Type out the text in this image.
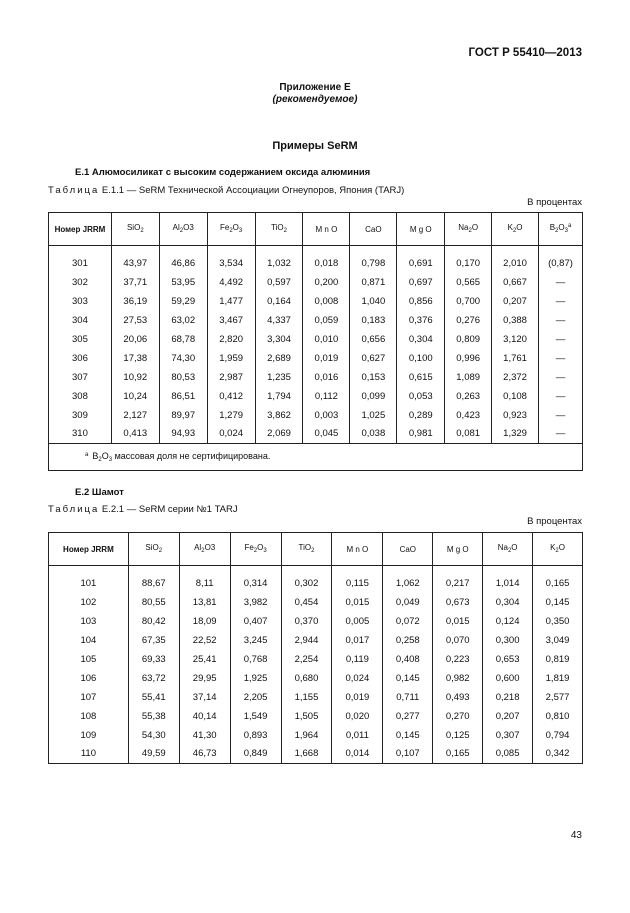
ГОСТ Р 55410—2013
Приложение Е
(рекомендуемое)
Примеры SeRM
Е.1 Алюмосиликат с высоким содержанием оксида алюминия
Таблица Е.1.1 — SeRM Технической Ассоциации Огнеупоров, Япония (TARJ)
В процентах
Номер JRRM	SiO$_2$	$Al_2O3$	$Fe_2O_3$	TiO$_2$	M n O	CaO	M g O	$Na_2O$	$K_2O$	$B_2O_3^a$
301	43,97	46,86	3,534	1,032	0,018	0,798	0,691	0,170	2,010	(0,87)
302	37,71	53,95	4,492	0,597	0,200	0,871	0,697	0,565	0,667	—
303	36,19	59,29	1,477	0,164	0,008	1,040	0,856	0,700	0,207	—
304	27,53	63,02	3,467	4,337	0,059	0,183	0,376	0,276	0,388	—
305	20,06	68,78	2,820	3,304	0,010	0,656	0,304	0,809	3,120	—
306	17,38	74,30	1,959	2,689	0,019	0,627	0,100	0,996	1,761	—
307	10,92	80,53	2,987	1,235	0,016	0,153	0,615	1,089	2,372	—
308	10,24	86,51	0,412	1,794	0,112	0,099	0,053	0,263	0,108	—
309	2,127	89,97	1,279	3,862	0,003	1,025	0,289	0,423	0,923	—
310	0,413	94,93	0,024	2,069	0,045	0,038	0,981	0,081	1,329	—
$^а$ $B_2O_3$ массовая доля не сертифицирована.										
Е.2 Шамот
Таблица Е.2.1 — SeRM серии №1 TARJ
В процентах
Номер JRRM	SiO$_2$	$Al_2O3$	$Fe_2O_3$	TiO$_2$	M n O	CaO	M g O	$Na_2O$	$K_2O$
101	88,67	8,11	0,314	0,302	0,115	1,062	0,217	1,014	0,165
102	80,55	13,81	3,982	0,454	0,015	0,049	0,673	0,304	0,145
103	80,42	18,09	0,407	0,370	0,005	0,072	0,015	0,124	0,350
104	67,35	22,52	3,245	2,944	0,017	0,258	0,070	0,300	3,049
105	69,33	25,41	0,768	2,254	0,119	0,408	0,223	0,653	0,819
106	63,72	29,95	1,925	0,680	0,024	0,145	0,982	0,600	1,819
107	55,41	37,14	2,205	1,155	0,019	0,711	0,493	0,218	2,577
108	55,38	40,14	1,549	1,505	0,020	0,277	0,270	0,207	0,810
109	54,30	41,30	0,893	1,964	0,011	0,145	0,125	0,307	0,794
110	49,59	46,73	0,849	1,668	0,014	0,107	0,165	0,085	0,342
43
